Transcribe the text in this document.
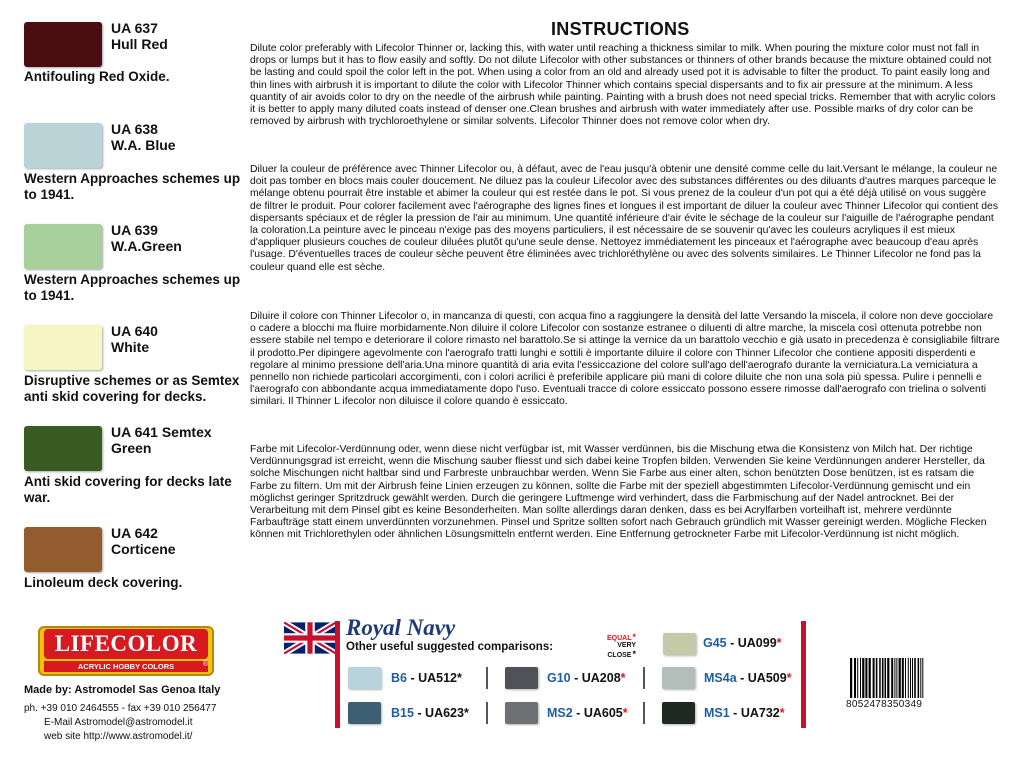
UA 637
Hull Red
Antifouling Red Oxide.
UA 638
W.A. Blue
Western Approaches schemes up to 1941.
UA 639
W.A.Green
Western Approaches schemes up to 1941.
UA 640
White
Disruptive schemes or as Semtex anti skid covering for decks.
UA 641 Semtex
Green
Anti skid covering for decks late war.
UA 642
Corticene
Linoleum deck covering.
INSTRUCTIONS
Dilute color preferably with Lifecolor Thinner or, lacking this, with water until reaching a thickness similar to milk. When pouring the mixture color must not fall in drops or lumps but it has to flow easily and softly. Do not dilute Lifecolor with other substances or thinners of other brands because the mixture obtained could not be lasting and could spoil the color left in the pot. When using a color from an old and already used pot it is advisable to filter the product. To paint easily long and thin lines with airbrush it is important to dilute the color with Lifecolor Thinner which contains special dispersants and to fix air pressure at the minimum. A less quantity of air avoids color to dry on the needle of the airbrush while painting. Painting with a brush does not need special tricks. Remember that with acrylic colors it is better to apply many diluted coats instead of denser one.Clean brushes and airbrush with water immediately after use. Possible marks of dry color can be removed by airbrush with trychloroethylene or similar solvents. Lifecolor Thinner does not remove color when dry.
Diluer la couleur de préférence avec Thinner Lifecolor ou, à défaut, avec de l'eau jusqu'à obtenir une densité comme celle du lait.Versant le mélange, la couleur ne doit pas tomber en blocs mais couler doucement. Ne diluez pas la couleur Lifecolor avec des substances différentes ou des diluants d'autres marques parceque le mélange obtenu pourrait être instable et abimer la couleur qui est restée dans le pot. Si vous prenez de la couleur d'un pot qui a été déjà utilisé on vous suggère de filtrer le produit. Pour colorer facilement avec l'aérographe des lignes fines et longues il est important de diluer la couleur avec Thinner Lifecolor qui contient des dispersants spéciaux et de régler la pression de l'air au minimum. Une quantité inférieure d'air évite le séchage de la couleur sur l'aiguille de l'aérographe pendant la coloration.La peinture avec le pinceau n'exige pas des moyens particuliers, il est nécessaire de se souvenir qu'avec les couleurs acryliques il est mieux d'appliquer plusieurs couches de couleur diluées plutôt qu'une seule dense. Nettoyez immédiatement les pinceaux et l'aérographe avec beaucoup d'eau après l'usage. D'éventuelles traces de couleur sèche peuvent être éliminées avec trichloréthylène ou avec des solvents similaires. Le Thinner Lifecolor ne fond pas la couleur quand elle est sèche.
Diluire il colore con Thinner Lifecolor o, in mancanza di questi, con acqua fino a raggiungere la densità del latte Versando la miscela, il colore non deve gocciolare o cadere a blocchi ma fluire morbidamente.Non diluire il colore Lifecolor con sostanze estranee o diluenti di altre marche, la miscela così ottenuta potrebbe non essere stabile nel tempo e deteriorare il colore rimasto nel barattolo.Se si attinge la vernice da un barattolo vecchio e già usato in precedenza è consigliabile filtrare il prodotto.Per dipingere agevolmente con l'aerografo tratti lunghi e sottili è importante diluire il colore con Thinner Lifecolor che contiene appositi disperdenti e regolare al minimo pressione dell'aria.Una minore quantità di aria evita l'essiccazione del colore sull'ago dell'aerografo durante la verniciatura.La verniciatura a pennello non richiede particolari accorgimenti, con i colori acrilici è preferibile applicare più mani di colore diluite che non una sola più spessa. Pulire i pennelli e l'aerografo con abbondante acqua immediatamente dopo l'uso. Eventuali tracce di colore essiccato possono essere rimosse dall'aerografo con trielina o solventi similari. Il Thinner L ifecolor non diluisce il colore quando è essiccato.
Farbe mit Lifecolor-Verdünnung oder, wenn diese nicht verfügbar ist, mit Wasser verdünnen, bis die Mischung etwa die Konsistenz von Milch hat. Der richtige Verdünnungsgrad ist erreicht, wenn die Mischung sauber fliesst und sich dabei keine Tropfen bilden. Verwenden Sie keine Verdünnungen anderer Hersteller, da solche Mischungen nicht haltbar sind und Farbreste unbrauchbar werden. Wenn Sie Farbe aus einer alten, schon benützten Dose benützen, ist es ratsam die Farbe zu filtern. Um mit der Airbrush feine Linien erzeugen zu können, sollte die Farbe mit der speziell abgestimmten Lifecolor-Verdünnung gemischt und ein möglichst geringer Spritzdruck gewählt werden. Durch die geringere Luftmenge wird verhindert, dass die Farbmischung auf der Nadel antrocknet. Bei der Verarbeitung mit dem Pinsel gibt es keine Besonderheiten. Man sollte allerdings daran denken, dass es bei Acrylfarben vorteilhaft ist, mehrere verdünnte Farbaufträge statt einem unverdünnten vorzunehmen. Pinsel und Spritze sollten sofort nach Gebrauch gründlich mit Wasser gereinigt werden. Mögliche Flecken können mit Trichlorethylen oder ähnlichen Lösungsmitteln entfernt werden. Eine Entfernung getrockneter Farbe mit Lifecolor-Verdünnung ist nicht möglich.
LIFECOLOR
ACRYLIC HOBBY COLORS	®
Made by: Astromodel Sas Genoa Italy
ph. +39 010 2464555 - fax +39 010 256477
E-Mail Astromodel@astromodel.it
web site http://www.astromodel.it/
Royal Navy
Other useful suggested comparisons:
EQUAL*
VERY CLOSE*
G45 - UA099*
B6 - UA512*	G10 - UA208*	MS4a - UA509*
B15 - UA623*	MS2 - UA605*	MS1 - UA732*
8052478350349
